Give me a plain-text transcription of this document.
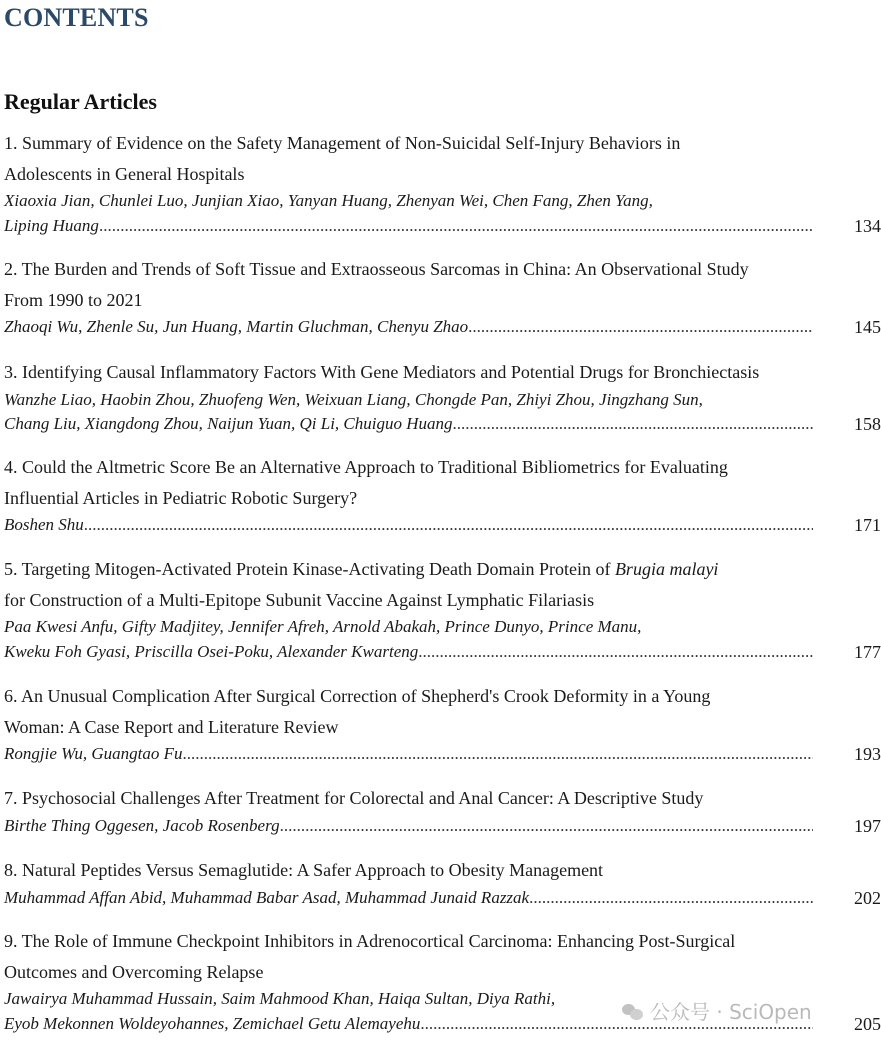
CONTENTS
Regular Articles
1. Summary of Evidence on the Safety Management of Non-Suicidal Self-Injury Behaviors in
Adolescents in General Hospitals
Xiaoxia Jian, Chunlei Luo, Junjian Xiao, Yanyan Huang, Zhenyan Wei, Chen Fang, Zhen Yang,
Liping Huang .....	134
2. The Burden and Trends of Soft Tissue and Extraosseous Sarcomas in China: An Observational Study
From 1990 to 2021
Zhaoqi Wu, Zhenle Su, Jun Huang, Martin Gluchman, Chenyu Zhao .....	145
3. Identifying Causal Inflammatory Factors With Gene Mediators and Potential Drugs for Bronchiectasis
Wanzhe Liao, Haobin Zhou, Zhuofeng Wen, Weixuan Liang, Chongde Pan, Zhiyi Zhou, Jingzhang Sun,
Chang Liu, Xiangdong Zhou, Naijun Yuan, Qi Li, Chuiguo Huang .....	158
4. Could the Altmetric Score Be an Alternative Approach to Traditional Bibliometrics for Evaluating
Influential Articles in Pediatric Robotic Surgery?
Boshen Shu .....	171
5. Targeting Mitogen-Activated Protein Kinase-Activating Death Domain Protein of Brugia malayi
for Construction of a Multi-Epitope Subunit Vaccine Against Lymphatic Filariasis
Paa Kwesi Anfu, Gifty Madjitey, Jennifer Afreh, Arnold Abakah, Prince Dunyo, Prince Manu,
Kweku Foh Gyasi, Priscilla Osei-Poku, Alexander Kwarteng .....	177
6. An Unusual Complication After Surgical Correction of Shepherd's Crook Deformity in a Young
Woman: A Case Report and Literature Review
Rongjie Wu, Guangtao Fu .....	193
7. Psychosocial Challenges After Treatment for Colorectal and Anal Cancer: A Descriptive Study
Birthe Thing Oggesen, Jacob Rosenberg .....	197
8. Natural Peptides Versus Semaglutide: A Safer Approach to Obesity Management
Muhammad Affan Abid, Muhammad Babar Asad, Muhammad Junaid Razzak .....	202
9. The Role of Immune Checkpoint Inhibitors in Adrenocortical Carcinoma: Enhancing Post-Surgical
Outcomes and Overcoming Relapse
Jawairya Muhammad Hussain, Saim Mahmood Khan, Haiqa Sultan, Diya Rathi,
Eyob Mekonnen Woldeyohannes, Zemichael Getu Alemayehu .....	205
公众号 · SciOpen
